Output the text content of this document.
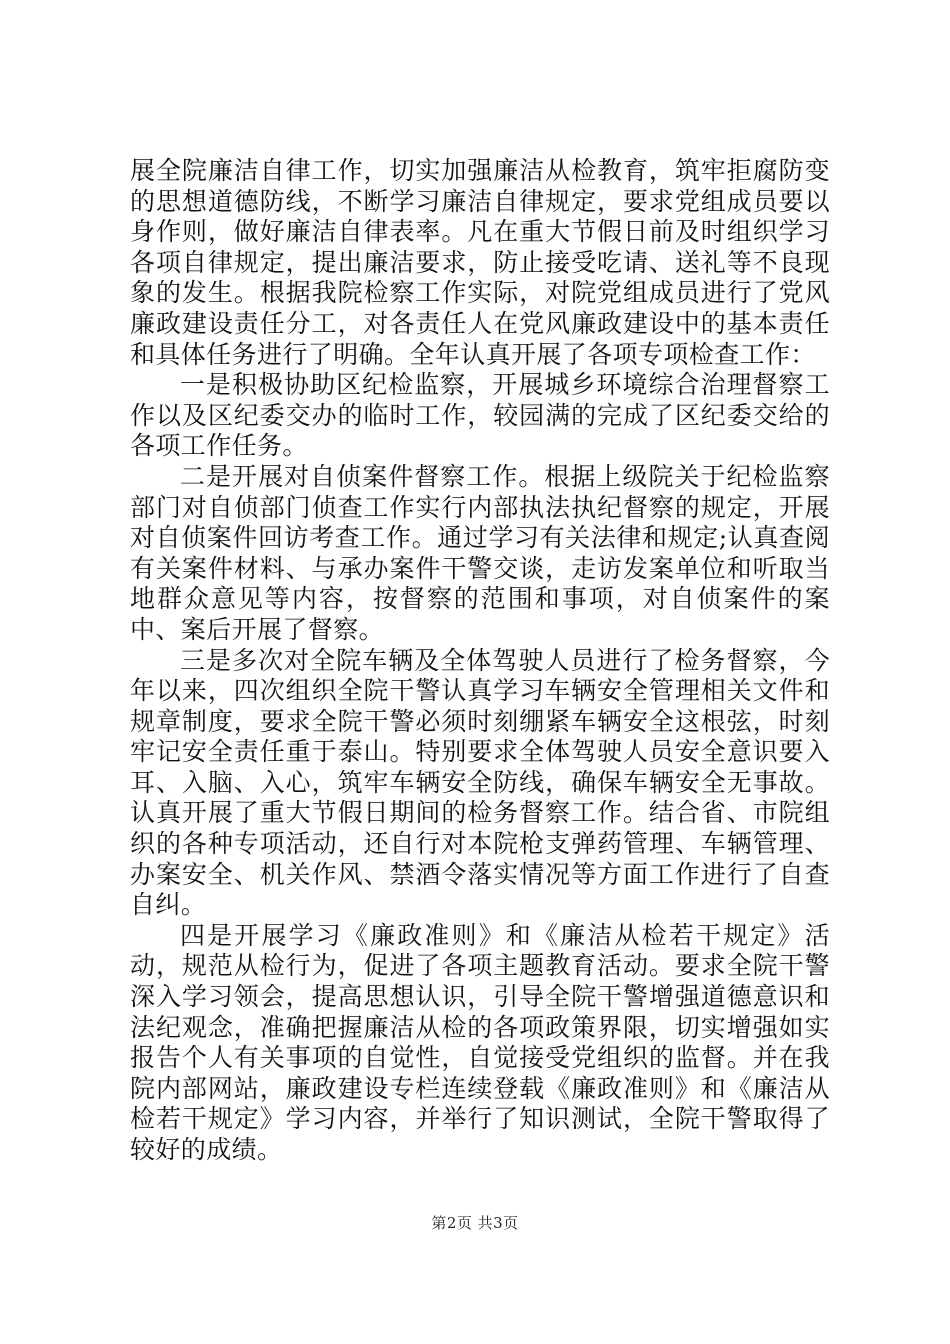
展全院廉洁自律工作，切实加强廉洁从检教育，筑牢拒腐防变的思想道德防线，不断学习廉洁自律规定，要求党组成员要以身作则，做好廉洁自律表率。凡在重大节假日前及时组织学习各项自律规定，提出廉洁要求，防止接受吃请、送礼等不良现象的发生。根据我院检察工作实际，对院党组成员进行了党风廉政建设责任分工，对各责任人在党风廉政建设中的基本责任和具体任务进行了明确。全年认真开展了各项专项检查工作：

一是积极协助区纪检监察，开展城乡环境综合治理督察工作以及区纪委交办的临时工作，较园满的完成了区纪委交给的各项工作任务。

二是开展对自侦案件督察工作。根据上级院关于纪检监察部门对自侦部门侦查工作实行内部执法执纪督察的规定，开展对自侦案件回访考查工作。通过学习有关法律和规定;认真查阅有关案件材料、与承办案件干警交谈，走访发案单位和听取当地群众意见等内容，按督察的范围和事项，对自侦案件的案中、案后开展了督察。

三是多次对全院车辆及全体驾驶人员进行了检务督察，今年以来，四次组织全院干警认真学习车辆安全管理相关文件和规章制度，要求全院干警必须时刻绷紧车辆安全这根弦，时刻牢记安全责任重于泰山。特别要求全体驾驶人员安全意识要入耳、入脑、入心，筑牢车辆安全防线，确保车辆安全无事故。认真开展了重大节假日期间的检务督察工作。结合省、市院组织的各种专项活动，还自行对本院枪支弹药管理、车辆管理、办案安全、机关作风、禁酒令落实情况等方面工作进行了自查自纠。

四是开展学习《廉政准则》和《廉洁从检若干规定》活动，规范从检行为，促进了各项主题教育活动。要求全院干警深入学习领会，提高思想认识，引导全院干警增强道德意识和法纪观念，准确把握廉洁从检的各项政策界限，切实增强如实报告个人有关事项的自觉性，自觉接受党组织的监督。并在我院内部网站，廉政建设专栏连续登载《廉政准则》和《廉洁从检若干规定》学习内容，并举行了知识测试，全院干警取得了较好的成绩。

第2页 共3页
